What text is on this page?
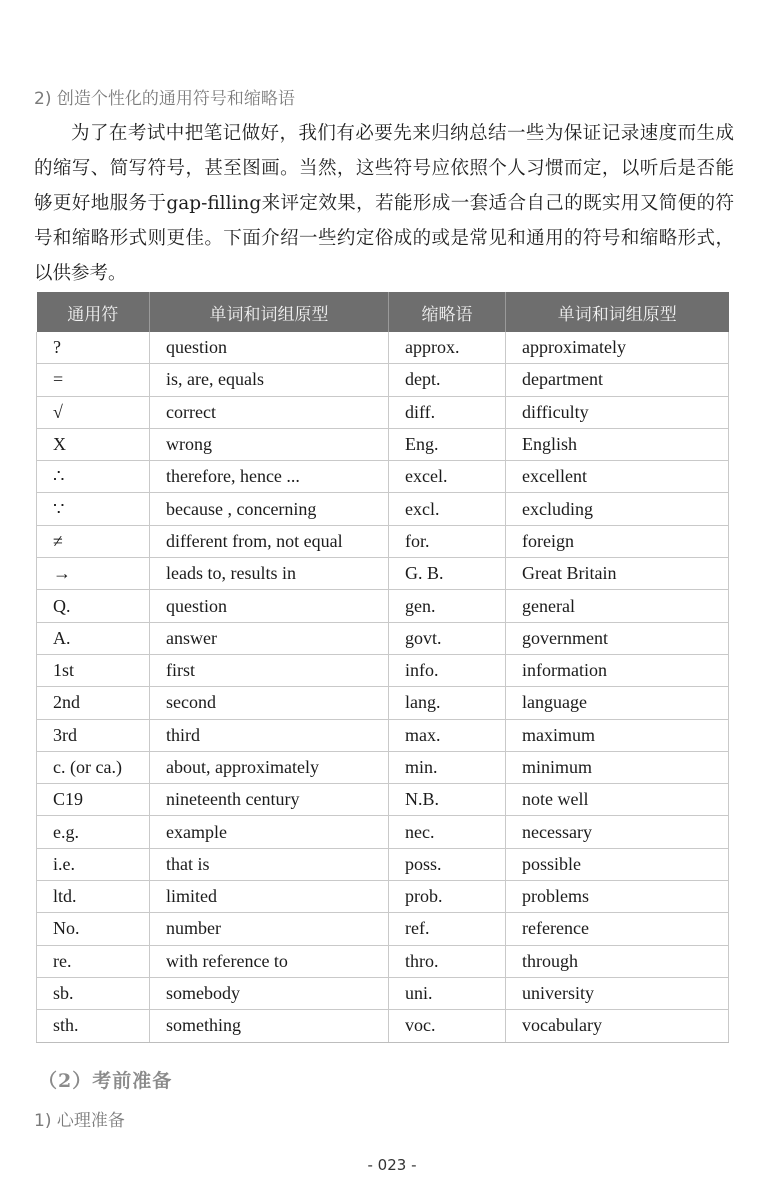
2) 创造个性化的通用符号和缩略语

为了在考试中把笔记做好，我们有必要先来归纳总结一些为保证记录速度而生成的缩写、简写符号，甚至图画。当然，这些符号应依照个人习惯而定，以听后是否能够更好地服务于gap-filling来评定效果，若能形成一套适合自己的既实用又简便的符号和缩略形式则更佳。下面介绍一些约定俗成的或是常见和通用的符号和缩略形式，以供参考。

通用符	单词和词组原型	缩略语	单词和词组原型
?	question	approx.	approximately
=	is, are, equals	dept.	department
√	correct	diff.	difficulty
X	wrong	Eng.	English
∴	therefore, hence ...	excel.	excellent
∵	because , concerning	excl.	excluding
≠	different from, not equal	for.	foreign
→	leads to, results in	G. B.	Great Britain
Q.	question	gen.	general
A.	answer	govt.	government
1st	first	info.	information
2nd	second	lang.	language
3rd	third	max.	maximum
c. (or ca.)	about, approximately	min.	minimum
C19	nineteenth century	N.B.	note well
e.g.	example	nec.	necessary
i.e.	that is	poss.	possible
ltd.	limited	prob.	problems
No.	number	ref.	reference
re.	with reference to	thro.	through
sb.	somebody	uni.	university
sth.	something	voc.	vocabulary
（2）考前准备
1) 心理准备
- 023 -
